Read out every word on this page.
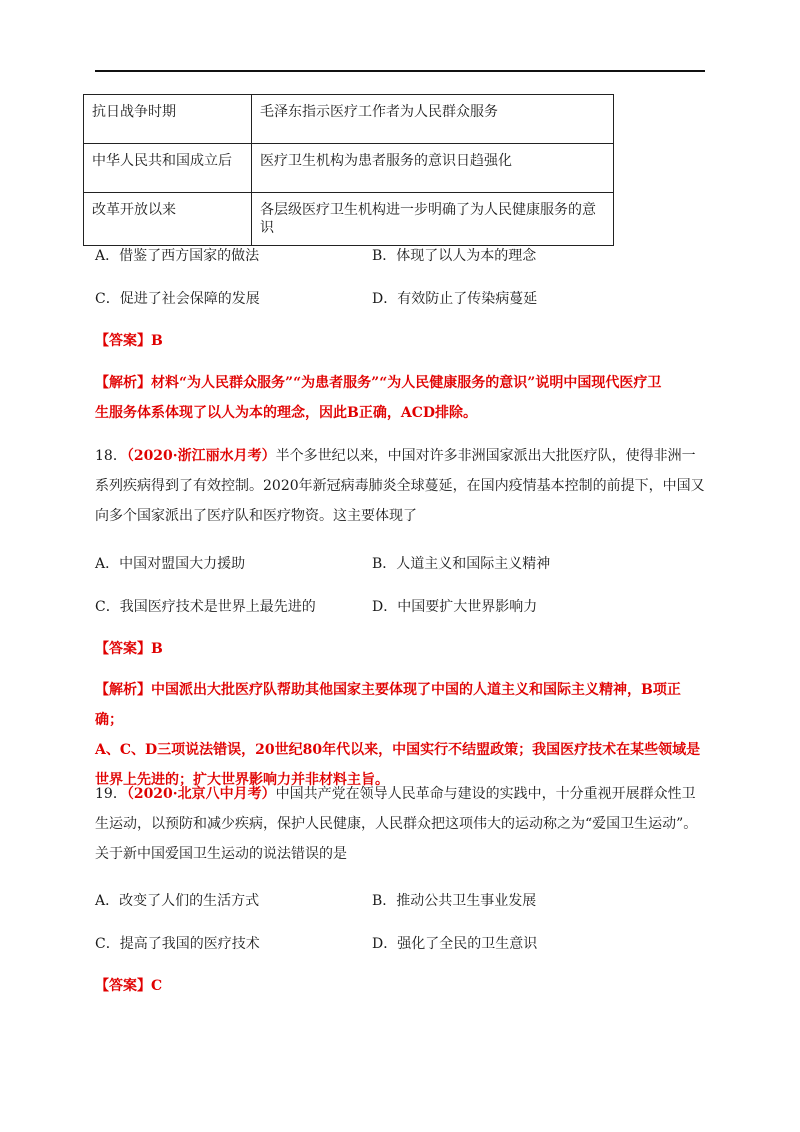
抗日战争时期	毛泽东指示医疗工作者为人民群众服务
中华人民共和国成立后	医疗卫生机构为患者服务的意识日趋强化
改革开放以来	各层级医疗卫生机构进一步明确了为人民健康服务的意识
A．借鉴了西方国家的做法	B．体现了以人为本的理念
C．促进了社会保障的发展	D．有效防止了传染病蔓延
【答案】B
【解析】材料“为人民群众服务”“为患者服务”“为人民健康服务的意识”说明中国现代医疗卫
生服务体系体现了以人为本的理念，因此B正确，ACD排除。
18．（2020·浙江丽水月考）半个多世纪以来，中国对许多非洲国家派出大批医疗队，使得非洲一
系列疾病得到了有效控制。2020年新冠病毒肺炎全球蔓延，在国内疫情基本控制的前提下，中国又
向多个国家派出了医疗队和医疗物资。这主要体现了
A．中国对盟国大力援助	B．人道主义和国际主义精神
C．我国医疗技术是世界上最先进的	D．中国要扩大世界影响力
【答案】B
【解析】中国派出大批医疗队帮助其他国家主要体现了中国的人道主义和国际主义精神，B项正确；
A、C、D三项说法错误，20世纪80年代以来，中国实行不结盟政策；我国医疗技术在某些领域是
世界上先进的；扩大世界影响力并非材料主旨。
19．（2020·北京八中月考）中国共产党在领导人民革命与建设的实践中，十分重视开展群众性卫
生运动，以预防和减少疾病，保护人民健康，人民群众把这项伟大的运动称之为“爱国卫生运动”。
关于新中国爱国卫生运动的说法错误的是
A．改变了人们的生活方式	B．推动公共卫生事业发展
C．提高了我国的医疗技术	D．强化了全民的卫生意识
【答案】C
